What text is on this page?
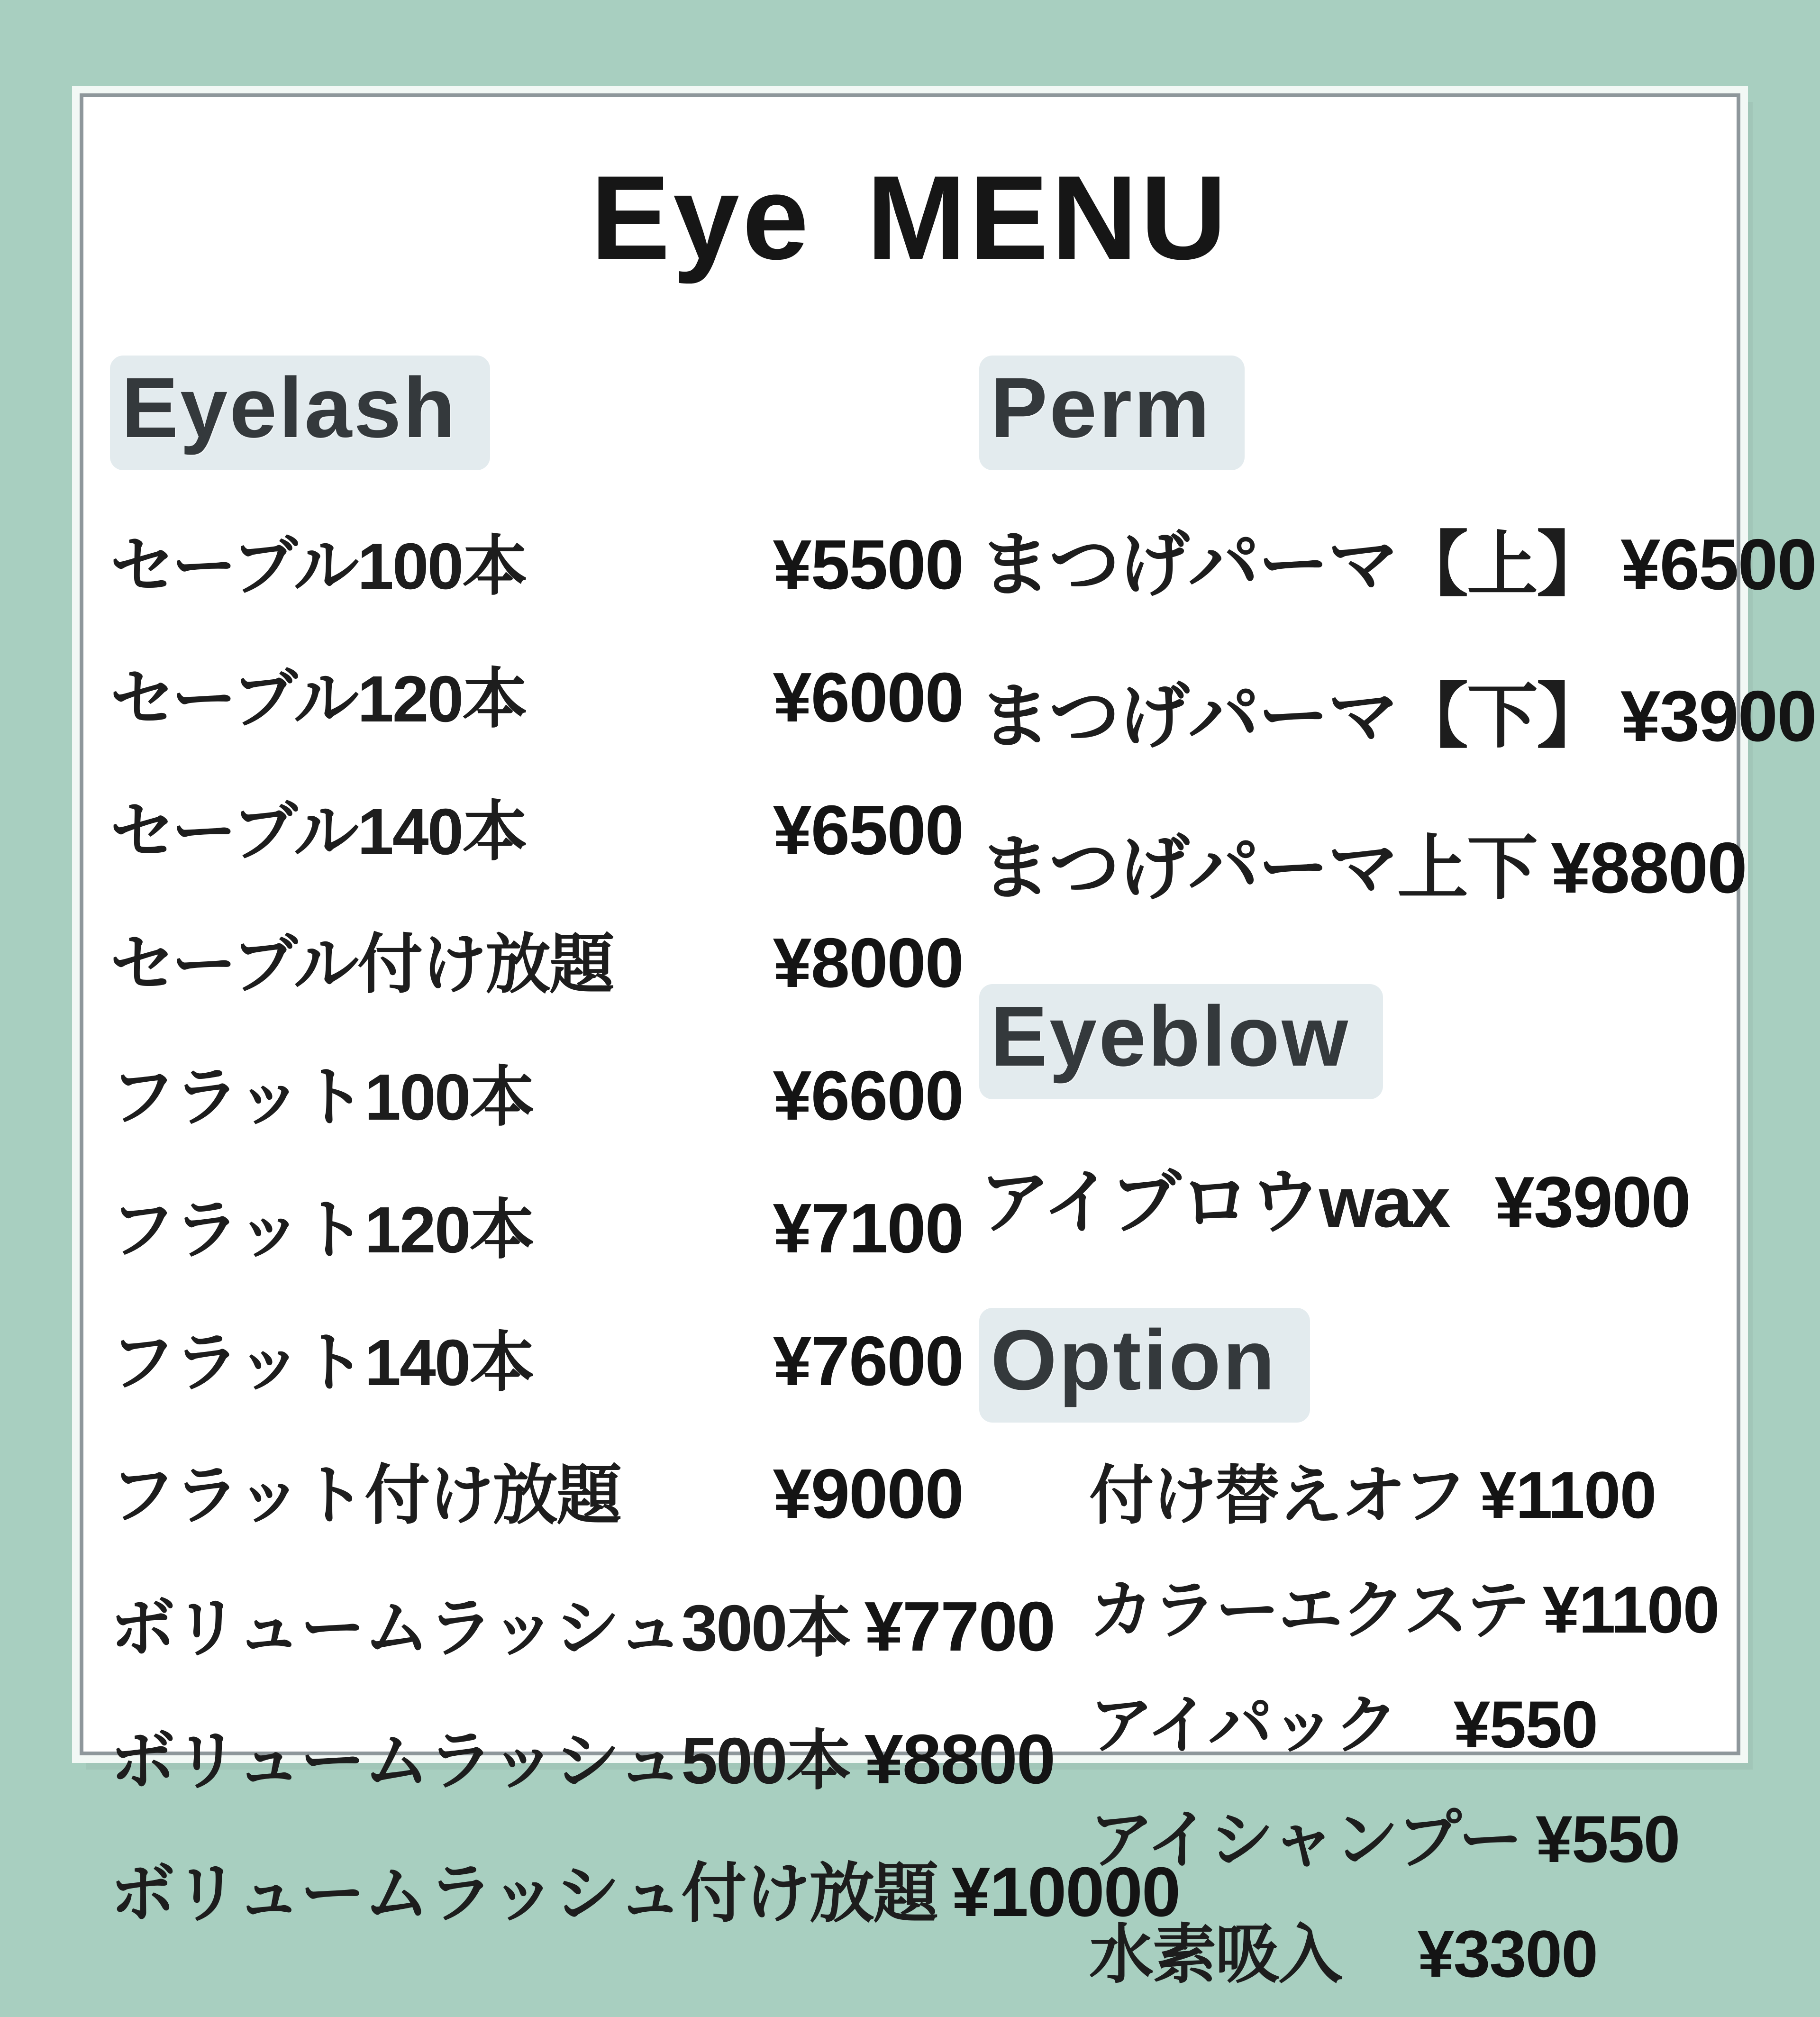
Eye MENU
Eyelash
セーブル100本	¥5500
セーブル120本	¥6000
セーブル140本	¥6500
セーブル付け放題 ¥8000
フラット100本	¥6600
フラット120本	¥7100
フラット140本	¥7600
フラット付け放題 ¥9000
ボリュームラッシュ300本 ¥7700
ボリュームラッシュ500本 ¥8800
ボリュームラッシュ付け放題 ¥10000
Perm
まつげパーマ【上】 ¥6500
まつげパーマ【下】 ¥3900
まつげパーマ上下 ¥8800
Eyeblow
アイブロウwax ¥3900
Option
付け替えオフ ¥1100
カラーエクステ ¥1100
アイパック ¥550
アイシャンプー ¥550
水素吸入 ¥3300
